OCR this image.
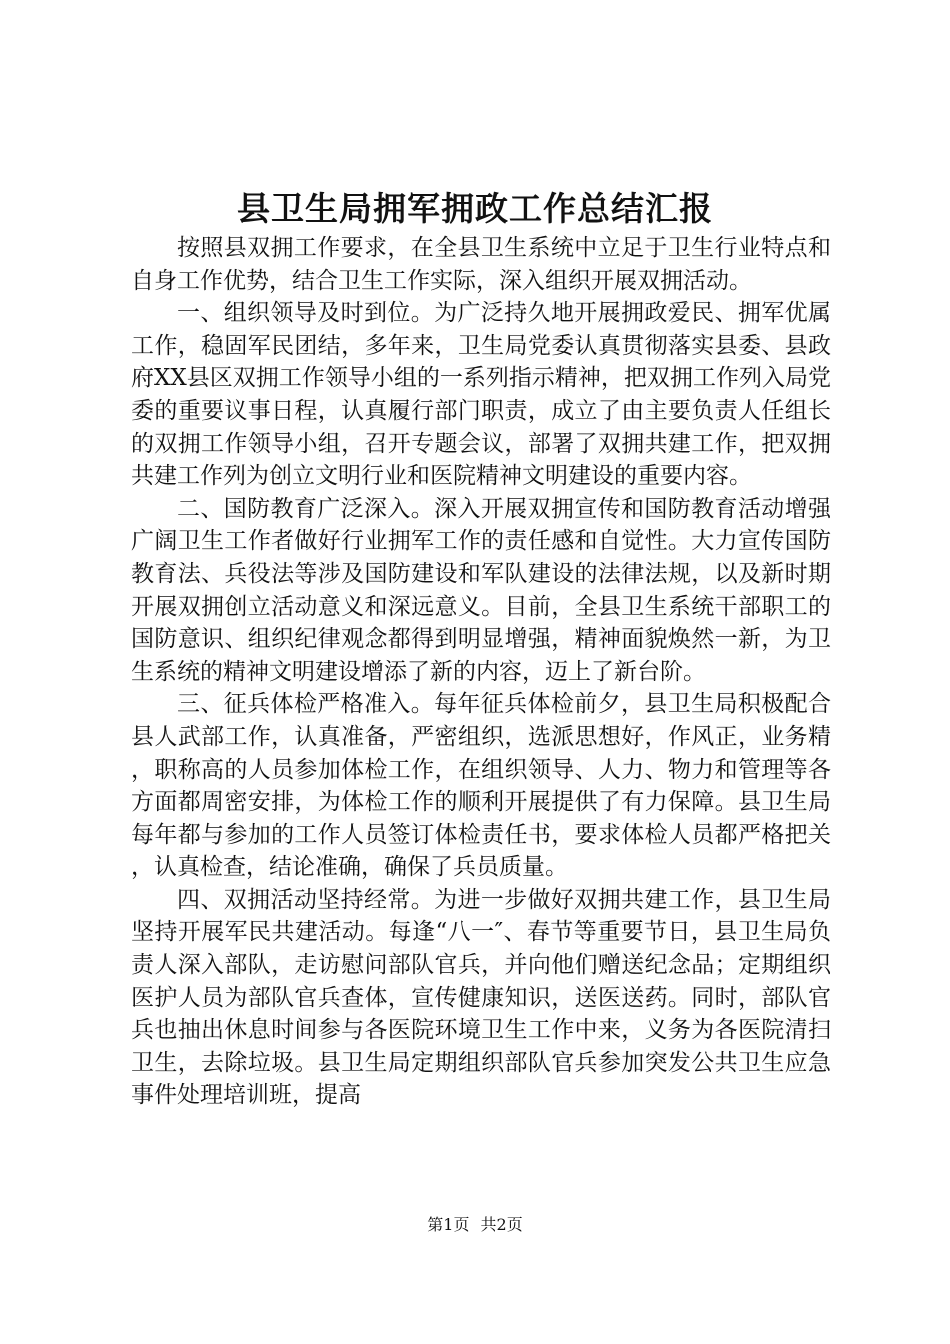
县卫生局拥军拥政工作总结汇报

按照县双拥工作要求，在全县卫生系统中立足于卫生行业特点和自身工作优势，结合卫生工作实际，深入组织开展双拥活动。

一、组织领导及时到位。为广泛持久地开展拥政爱民、拥军优属工作，稳固军民团结，多年来，卫生局党委认真贯彻落实县委、县政府XX县区双拥工作领导小组的一系列指示精神，把双拥工作列入局党委的重要议事日程，认真履行部门职责，成立了由主要负责人任组长的双拥工作领导小组，召开专题会议，部署了双拥共建工作，把双拥共建工作列为创立文明行业和医院精神文明建设的重要内容。

二、国防教育广泛深入。深入开展双拥宣传和国防教育活动增强广阔卫生工作者做好行业拥军工作的责任感和自觉性。大力宣传国防教育法、兵役法等涉及国防建设和军队建设的法律法规，以及新时期开展双拥创立活动意义和深远意义。目前，全县卫生系统干部职工的国防意识、组织纪律观念都得到明显增强，精神面貌焕然一新，为卫生系统的精神文明建设增添了新的内容，迈上了新台阶。

三、征兵体检严格准入。每年征兵体检前夕，县卫生局积极配合县人武部工作，认真准备，严密组织，选派思想好，作风正，业务精，职称高的人员参加体检工作，在组织领导、人力、物力和管理等各方面都周密安排，为体检工作的顺利开展提供了有力保障。县卫生局每年都与参加的工作人员签订体检责任书，要求体检人员都严格把关，认真检查，结论准确，确保了兵员质量。

四、双拥活动坚持经常。为进一步做好双拥共建工作，县卫生局坚持开展军民共建活动。每逢“八一″、春节等重要节日，县卫生局负责人深入部队，走访慰问部队官兵，并向他们赠送纪念品；定期组织医护人员为部队官兵查体，宣传健康知识，送医送药。同时，部队官兵也抽出休息时间参与各医院环境卫生工作中来，义务为各医院清扫卫生，去除垃圾。县卫生局定期组织部队官兵参加突发公共卫生应急事件处理培训班，提高

第1页 共2页
